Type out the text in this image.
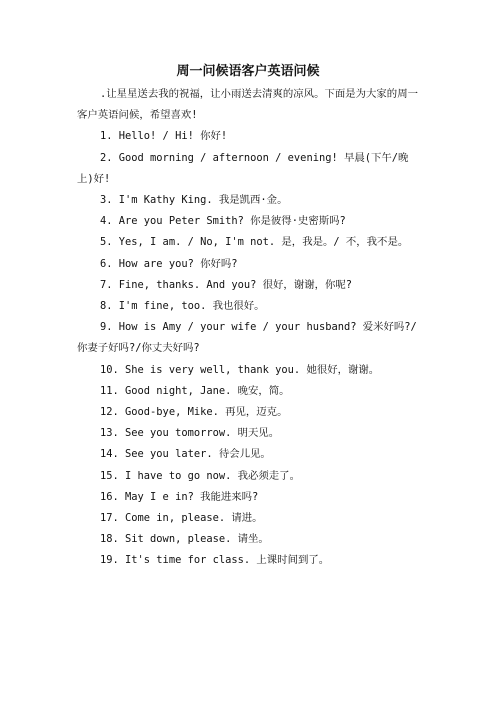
周一问候语客户英语问候

.让星星送去我的祝福，让小雨送去清爽的凉风。下面是为大家的周一客户英语问候，希望喜欢!

1. Hello! / Hi! 你好!

2. Good morning / afternoon / evening! 早晨(下午/晚上)好!

3. I'm Kathy King. 我是凯西·金。

4. Are you Peter Smith? 你是彼得·史密斯吗?

5. Yes, I am. / No, I'm not. 是，我是。/ 不，我不是。

6. How are you? 你好吗?

7. Fine, thanks. And you? 很好，谢谢，你呢?

8. I'm fine, too. 我也很好。

9. How is Amy / your wife / your husband? 爱米好吗?/你妻子好吗?/你丈夫好吗?

10. She is very well, thank you. 她很好，谢谢。

11. Good night, Jane. 晚安，简。

12. Good-bye, Mike. 再见，迈克。

13. See you tomorrow. 明天见。

14. See you later. 待会儿见。

15. I have to go now. 我必须走了。

16. May I e in? 我能进来吗?

17. Come in, please. 请进。

18. Sit down, please. 请坐。

19. It's time for class. 上课时间到了。
